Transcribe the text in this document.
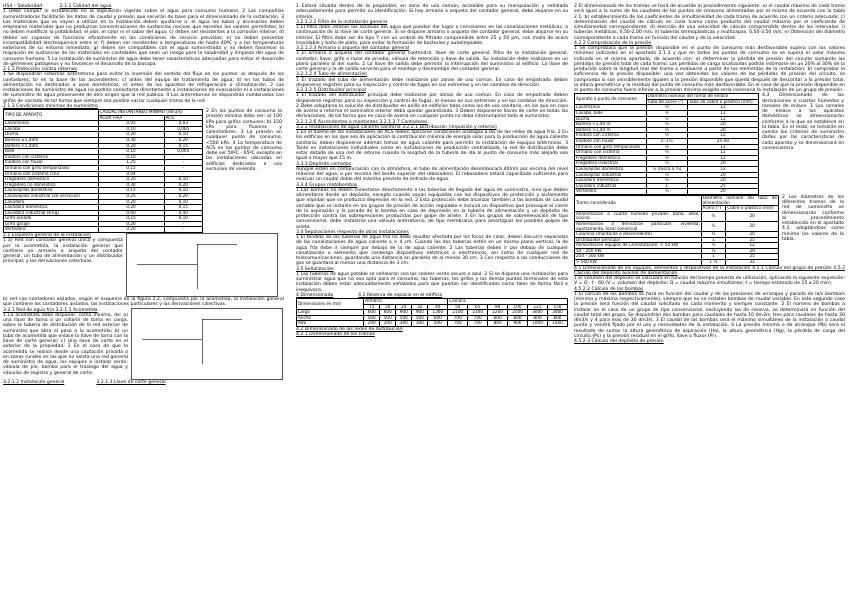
HS4 – Salubridad	2.1.1 Calidad del agua

1 Debe cumplir lo establecido en la legislación vigente sobre el agua para consumo humano. 2 Las compañías suministradoras facilitarán los datos de caudal y presión que servirán de base para el dimensionado de la instalación. 3 Los materiales que se vayan a utilizar en la instalación deben ajustarse a: el agua los tubos y accesorios deben emplearse materiales que no produzcan concentraciones de sustancias nocivas que excedan los valores permitidos; b) no deben modificar la potabilidad, el olor, el color ni el sabor del agua; c) deben ser resistentes a la corrosión interior; d) deben ser capaces de funcionar eficazmente en las condiciones de servicio previstas; e) no deben presentar incompatibilidad electroquímica entre sí; f) deben ser resistentes a temperaturas de hasta 40ºC y a las temperaturas exteriores de su entorno inmediato; g) deben ser compatibles con el agua suministrada y no deben favorecer la migración de sustancias de los materiales en cantidades que sean un riesgo para la salubridad y limpieza del agua de consumo humano. 5 La instalación de suministro de agua debe tener características adecuadas para evitar el desarrollo de gérmenes patógenos y no favorecer el desarrollo de la biocapa.

2.1.2 Protección contra retornos

1 Se dispondrán sistemas antirretorno para evitar la inversión del sentido del flujo en los puntos: a) después de los contadores; b) en la base de las ascendentes; c) antes del equipo de tratamiento de agua; d) en los tubos de alimentación no destinados a usos domésticos; e) antes de los aparatos de refrigeración o climatización. 2 Las instalaciones de suministro de agua no podrán conectarse directamente a instalaciones de evacuación ni a instalaciones de suministro de agua proveniente de otro origen que la red pública. 4 Los antirretornos se dispondrán combinados con grifos de vaciado de tal forma que siempre sea posible vaciar cualquier tramo de la red.

2.1.3 Condiciones mínimas de suministro

TIPO DE APARATO	CAUDAL INSTANTÁNEO MÍNIMO (dm3/s)	
	AGUA FRÍA	ACS
Lavamanos	0,05	0,03
Lavabo	0,10	0,065
Ducha	0,20	0,10
Bañera ≥1,40m	0,30	0,20
Bañera <1,40m	0,20	0,15
Bidé	0,10	0,065
Inodoro con cisterna	0,10	-
Inodoro con fluxor	1,25	-
Urinario con grifo temporizado	0,15	-
Urinario con cisterna (c/u)	0,04	-
Fregadero doméstico	0,20	0,10
Fregadero no doméstico	0,30	0,20
Lavavajillas doméstico	0,15	0,10
Lavavajillas industrial (20 servicios)	0,25	0,20
Lavadero	0,20	0,10
Lavadora doméstica	0,20	0,15
Lavadora industrial (8 kg)	0,60	0,40
Grifo aislado	0,15	0,10
Grifo garaje	0,20	-
Vertedero	0,20	-

2 En los puntos de consumo la presión mínima debe ser: a) 100 kPa para grifos comunes; b) 150 kPa para fluxores y calentadores. 3 La presión en cualquier punto de consumo, <500 kPa. 4 La temperatura de ACS en los puntos de consumo debe ser 50ºC - 65ºC excepto en las instalaciones ubicadas en edificios dedicados a uso exclusivo de vivienda.

2.1 Esquema general de la instalación

1 a) Red con contador general único y compuesta por la acometida, la instalación general que contiene un armario o arqueta del contador general, un tubo de alimentación y un distribuidor principal; y las derivaciones colectivas.

b) red con contadores aislados, según el esquema de la figura 2.2, compuesta por la acometida, la instalación general que contiene los contadores aislados, las instalaciones particulares y las derivaciones colectivas.

3.2.1 Red de agua fría 3.2.1.1 Acometida

1 La acometida debe disponer, como mínimo, de: a) una llave de toma o un collarín de toma en carga, sobre la tubería de distribución de la red exterior de suministro que abra el paso a la acometida; b) un tubo de acometida que enlace la llave de toma con la llave de corte general; c) Una llave de corte en el exterior de la propiedad. 2 En el caso de que la acometida se realice desde una captación privada o en zonas rurales en las que no exista una red general de suministro de agua, los equipos a instalar serán: válvula de pie, bomba para el trasiego del agua y válvulas de registro y general de corte.

3.2.1.2 Instalación general	3.2.1.3 Llave de corte general

1 Estará situada dentro de la propiedad, en zona de uso común, accesible para su manipulación y señalada adecuadamente para permitir su identificación. Si hay armario o arqueta del contador general, debe alojarse en su interior.

3.2.1.2.2 Filtro de la instalación general

1 El filtro debe retener los residuos del agua que puedan dar lugar a corrosiones en las canalizaciones metálicas, a continuación de la llave de corte general. Si se dispone armario o arqueta del contador general, debe alojarse en su interior. El filtro debe ser de tipo Y con un umbral de filtrado comprendido entre 25 y 50 µm, con malla de acero inoxidable y baño de plata, para evitar la formación de bacterias y autolimpiable.

3.2.1.2.3 Armario o arqueta del contador general

1 El armario o arqueta del contador general contendrá: llave de corte general, filtro de la instalación general, contador, llave, grifo o racor de prueba, válvula de retención y llave de salida. Su instalación debe realizarse en un plano paralelo al del suelo. 2 La llave de salida debe permitir la interrupción del suministro al edificio. La llave de corte general y la de salida servirán para el montaje y desmontaje del contador general.

3.2.1.2.4 Tubo de alimentación

1 El trazado del tubo de alimentación debe realizarse por zonas de uso común. En caso de empotrado deben disponerse registros para su inspección y control de fugas en sus extremos y en los cambios de dirección.

3.2.1.2.5 Distribuidor principal

1 El trazado del distribuidor principal debe realizarse por zonas de uso común. En caso de empotrado deben disponerse registros para su inspección y control de fugas, al menos en sus extremos y en los cambios de dirección. 2 Debe adoptarse la solución de distribuidor en anillo en edificios tales como los de uso sanitario, en los que en caso de avería o reforma el suministro interior deba quedar garantizado. 3 Deben disponerse llaves de corte en todas las derivaciones, de tal forma que en caso de avería en cualquier punto no deba interrumpirse todo el suministro.

3.2.1.2.6 Ascendentes o montantes 3.2.1.2.7 Contadores

3.2.2 Instalaciones de agua caliente sanitaria 3.2.2.1 Distribución (impulsión y retorno)

1 En el diseño de las instalaciones de ACS deben aplicarse condiciones análogas a las de las redes de agua fría. 2 En los edificios en los que sea de aplicación la contribución mínima de energía solar para la producción de agua caliente sanitaria, deben disponerse además tomas de agua caliente para permitir la instalación de equipos bitérmicos. 3 Tanto en instalaciones individuales como en instalaciones de producción centralizada, la red de distribución debe estar dotada de una red de retorno cuando la longitud de la tubería de ida al punto de consumo más alejado sea igual o mayor que 15 m.

3.3.3 Depósito cerrados

Aunque estén en comunicación con la atmósfera, el tubo de alimentación desembocará 40mm por encima del nivel máximo del agua, o por encima del borde superior del rebosadero. El rebosadero estará capacitado suficiente para evacuar un caudal doble del máximo previsto de entrada de agua.

3.3.4 Grupos motobombas

1 Las bombas no deben conectarse directamente a las tuberías de llegada del agua de suministro, sino que deben alimentarse desde un depósito, excepto cuando vayan equipadas con los dispositivos de protección y aislamiento que impidan que se produzca depresión en la red. 2 Esta protección debe alcanzar también a las bombas de caudal variable que se instalen en los grupos de presión de acción regulable e incluirá un dispositivo que provoque el cierre de la aspiración y la parada de la bomba en caso de depresión en la tubería de alimentación y un depósito de protección contra las sobrepresiones producidas por golpe de ariete. 3 En los grupos de sobreelevación de tipo convencional, debe instalarse una válvula antirretorno, de tipo membrana, para amortiguar los posibles golpes de ariete.

3.4 Separaciones respecto de otras instalaciones

1 El tendido de las tuberías de agua fría no debe resultar afectado por los focos de calor, deben discurrir separadas de las canalizaciones de agua caliente a > 4 cm. Cuando las dos tuberías estén en un mismo plano vertical, la de agua fría debe ir siempre por debajo de la de agua caliente. 2 Las tuberías deben ir por debajo de cualquier canalización o elemento que contenga dispositivos eléctricos o electrónicos, así como de cualquier red de telecomunicaciones, guardando una distancia en paralelo de al menos 30 cm. 3 Con respecto a las conducciones de gas se guardará al menos una distancia de 3 cm.

3.5 Señalización

1 Las tuberías de agua potable se señalarán con los colores verde oscuro o azul. 2 Si se dispone una instalación para suministrar agua que no sea apta para el consumo, las tuberías, los grifos y los demás puntos terminales de esta instalación deben estar adecuadamente señalados para que puedan ser identificados como tales de forma fácil e inequívoca.

4 Dimensionado	4.1 Reserva de espacio en el edificio

Dimensiones en mm	Armario					Cámara					
	15	20	25	32	40	50	65	80	100	125	150
Largo	600	600	900	900	1300	2100	2100	2200	2500	3000	3000
Ancho	500	500	500	500	600	700	700	800	800	800	800
Alto	200	200	300	300	500	700	700	800	900	1000	1000

4.2 Dimensionado de las redes de distribución

4.2.1 Dimensionado de los tramos

2 El dimensionado de los tramos se hará de acuerdo al procedimiento siguiente: a) el caudal máximo de cada tramo será igual a la suma de los caudales de los puntos de consumo alimentados por el mismo de acuerdo con la tabla 2.1; b) establecimiento de los coeficientes de simultaneidad de cada tramo de acuerdo con un criterio adecuado; c) determinación del caudal de cálculo en cada tramo como producto del caudal máximo por el coeficiente de simultaneidad correspondiente; d) elección de una velocidad de cálculo comprendida dentro de los intervalos: i) tuberías metálicas, 0,50-2,00 m/s; ii) tuberías termoplásticas y multicapas, 0,50-3,50 m/s; e) Obtención del diámetro correspondiente a cada tramo en función del caudal y de la velocidad.

4.2.2 Comprobación de la presión

1 Se comprobará que la presión disponible en el punto de consumo más desfavorable supera con los valores mínimos indicados en el apartado 2.1.3 y que en todos los puntos de consumo no se supera el valor máximo indicado en el mismo apartado, de acuerdo con: a) determinar la pérdida de presión del circuito sumando las pérdidas de presión total de cada tramo. Las pérdidas de carga localizadas podrán estimarse en un 20% al 30% de la producida sobre la longitud real del tramo o evaluarse a partir de los elementos de la instalación; b) comprobar la suficiencia de la presión disponible: una vez obtenidos los valores de las pérdidas de presión del circuito, se comprueba si son sensiblemente iguales a la presión disponible que queda después de descontar a la presión total, la altura geométrica y la residual del punto de consumo más desfavorable. En el caso de que la presión disponible en el punto de consumo fuera inferior a la presión mínima exigida sería necesaria la instalación de un grupo de presión.

Aparato o punto de consumo	Diámetro nominal del ramal de enlace	
	Tubo de acero (")	Tubo de cobre o plástico (mm)
Lavamanos	½	12
Lavabo, bidé	½	12
Ducha	½	12
Bañera <1,40 m	¾	20
Bañera >1,40 m	¾	20
Inodoro con cisterna	½	12
Inodoro con fluxor	1- 1½	25-40
Urinario con grifo temporizado	½	12
Urinario con cisterna	½	12
Fregadero doméstico	½	12
Fregadero industrial	¾	20
Lavavajillas doméstico	½ (rosca a ¾)	12
Lavavajillas industrial	¾	20
Lavadora doméstica	¾	20
Lavadora industrial	1	25
Vertedero	¾	20

4.3 Dimensionado de las derivaciones a cuartos húmedos y ramales de enlace. 1 Los ramales de enlace a los aparatos domésticos se dimensionarán conforme a lo que se establece en la tabla. En el resto, se tomarán en cuenta los criterios de suministro dados por las características de cada aparato y se dimensionará en consecuencia.

Tramo considerado	Diámetro nominal del tubo de alimentación	
	Acero (")	Cobre o plástico (mm)
Alimentación a cuarto húmedo privado: baño, aseo, cocina.	¾	20
Alimentación a derivación particular: vivienda, apartamento, local comercial	¾	20
Columna (montante o descendente)	¾	20
Distribuidor principal	1	25
Alimentación equipos de Climatización: < 50 kW	½	12
50 - 250 kW	¾	20
250 - 500 kW	1	25
> 500 kW	1 ¼	32

2 Los diámetros de los diferentes tramos de la red de suministro se dimensionarán conforme al procedimiento establecido en el apartado 4.2, adoptándose como mínimo los valores de la tabla.

4.5 Dimensionado de los equipos, elementos y dispositivos de la instalación 4.5.1 Cálculo del grupo de presión 4.5.2 Cálculo del depósito auxiliar de alimentación

1 El volumen del depósito se calculará en función del tiempo previsto de utilización, aplicando la siguiente expresión: V = Q · t · 60 (V = volumen del depósito; Q = caudal máximo simultáneo; t = tiempo estimado de 15 a 20 min).

4.5.2.2 Cálculo de las bombas

1 El cálculo de las bombas se hará en función del caudal y de las presiones de arranque y parada de la/s bomba/s (mínima y máxima respectivamente), siempre que no se instalen bombas de caudal variable. En este segundo caso la presión será función del caudal solicitado en cada momento y siempre constante. 2 El número de bombas a instalar en el caso de un grupo de tipo convencional, excluyendo las de reserva, se determinará en función del caudal total del grupo. Se dispondrán dos bombas para caudales de hasta 10 dm3/s, tres para caudales de hasta 30 dm3/s y 4 para más de 30 dm3/s. 3 El caudal de las bombas será el máximo simultáneo de la instalación o caudal punta y vendrá fijado por el uso y necesidades de la instalación. 4 La presión mínima o de arranque (Pb) será el resultado de sumar la altura geométrica de aspiración (Ha), la altura geométrica (Hg), la pérdida de carga del circuito (Pc) y la presión residual en el grifo, llave o fluxor (Pr).

4.5.2.3 Cálculo del depósito de presión
